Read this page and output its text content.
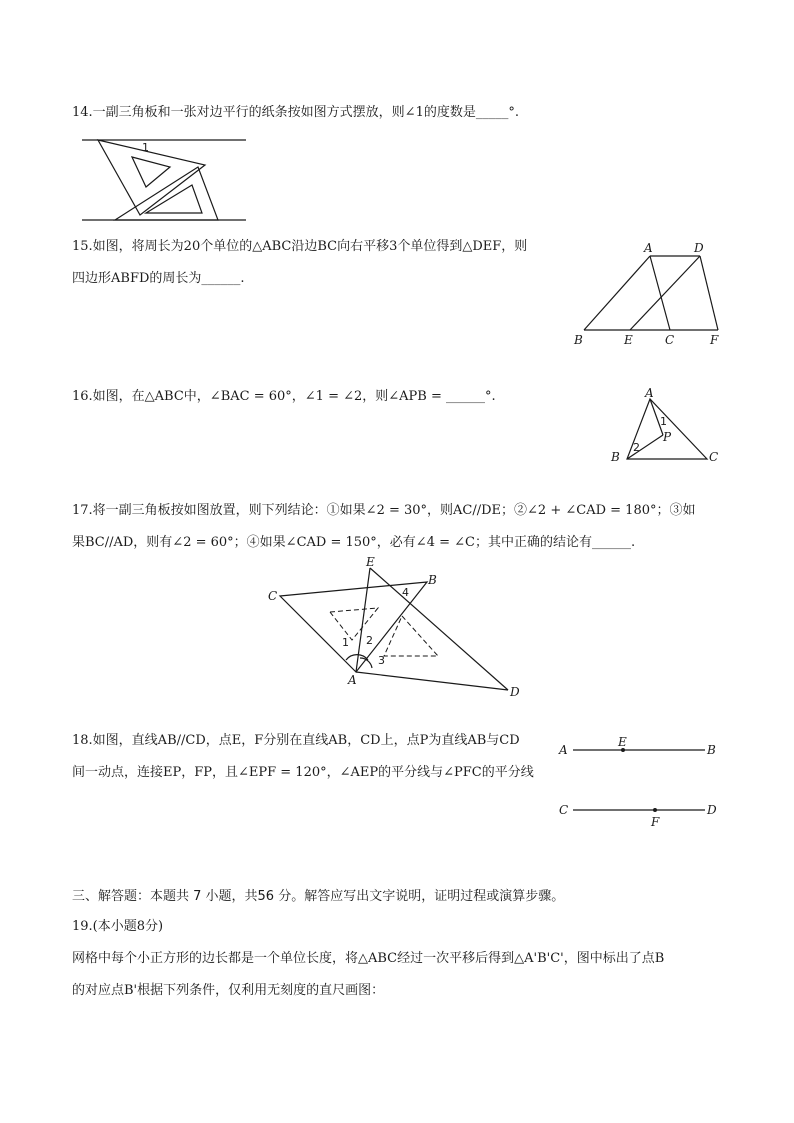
14.一副三角板和一张对边平行的纸条按如图方式摆放，则∠1的度数是_____°.
1
15.如图，将周长为20个单位的△ABC沿边BC向右平移3个单位得到△DEF，则
四边形ABFD的周长为______.
A	D
B	E	C	F
16.如图，在△ABC中，∠BAC = 60°，∠1 = ∠2，则∠APB = ______°.	A
1
P
2
B	C
17.将一副三角板按如图放置，则下列结论：①如果∠2 = 30°，则AC//DE；②∠2 + ∠CAD = 180°；③如
果BC//AD，则有∠2 = 60°；④如果∠CAD = 150°，必有∠4 = ∠C；其中正确的结论有______.
E
B
C	4
1 2
3
A
D
18.如图，直线AB//CD，点E，F分别在直线AB，CD上，点P为直线AB与CD
间一动点，连接EP，FP，且∠EPF = 120°，∠AEP的平分线与∠PFC的平分线
A
E
B
C
F
D
三、解答题：本题共 7 小题，共56 分。解答应写出文字说明，证明过程或演算步骤。
19.(本小题8分)
网格中每个小正方形的边长都是一个单位长度，将△ABC经过一次平移后得到△A'B'C'，图中标出了点B
的对应点B'根据下列条件，仅利用无刻度的直尺画图：
